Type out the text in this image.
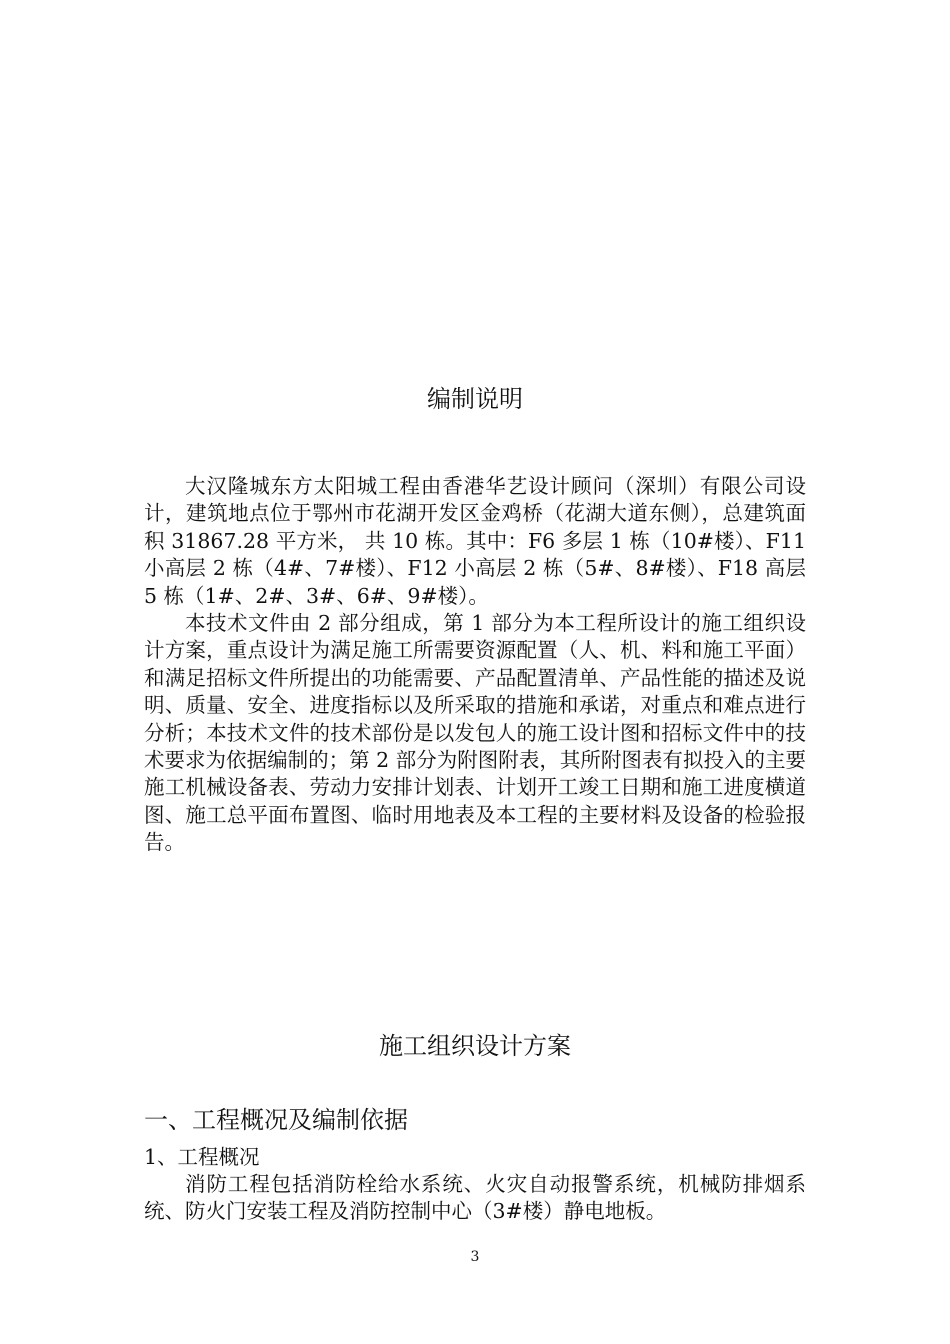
编制说明

大汉隆城东方太阳城工程由香港华艺设计顾问（深圳）有限公司设计，建筑地点位于鄂州市花湖开发区金鸡桥（花湖大道东侧），总建筑面积 31867.28 平方米， 共 10 栋。其中：F6 多层 1 栋（10#楼）、F11 小高层 2 栋（4#、7#楼）、F12 小高层 2 栋（5#、8#楼）、F18 高层 5 栋（1#、2#、3#、6#、9#楼）。

本技术文件由 2 部分组成，第 1 部分为本工程所设计的施工组织设计方案，重点设计为满足施工所需要资源配置（人、机、料和施工平面）和满足招标文件所提出的功能需要、产品配置清单、产品性能的描述及说明、质量、安全、进度指标以及所采取的措施和承诺，对重点和难点进行分析；本技术文件的技术部份是以发包人的施工设计图和招标文件中的技术要求为依据编制的；第 2 部分为附图附表，其所附图表有拟投入的主要施工机械设备表、劳动力安排计划表、计划开工竣工日期和施工进度横道图、施工总平面布置图、临时用地表及本工程的主要材料及设备的检验报告。

施工组织设计方案
一、工程概况及编制依据
1、工程概况

消防工程包括消防栓给水系统、火灾自动报警系统，机械防排烟系统、防火门安装工程及消防控制中心（3#楼）静电地板。

3
